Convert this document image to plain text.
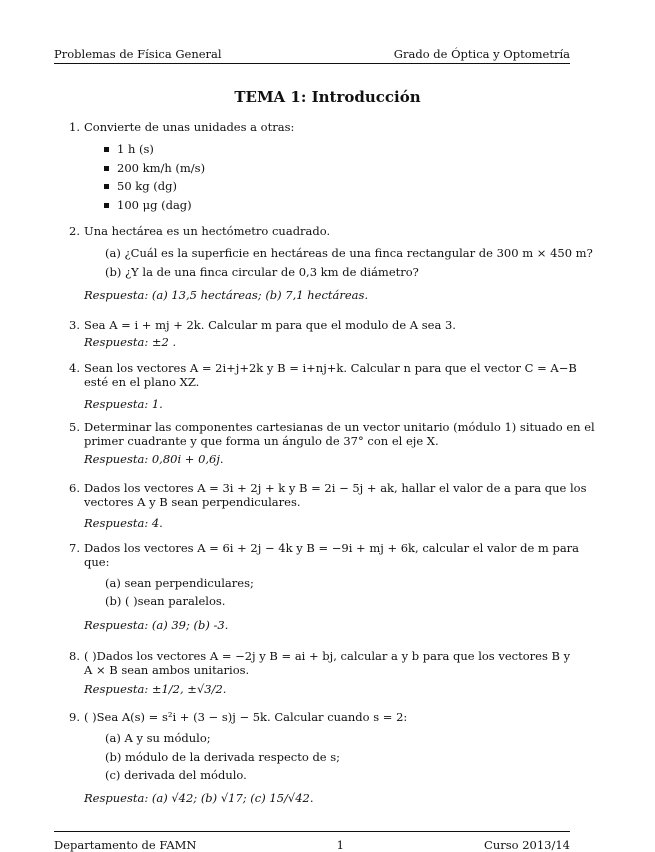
Problemas de Física General	Grado de Óptica y Optometría
TEMA 1: Introducción
1. Convierte de unas unidades a otras:
1 h (s)
200 km/h (m/s)
50 kg (dg)
100 μg (dag)
2. Una hectárea es un hectómetro cuadrado.
(a) ¿Cuál es la superficie en hectáreas de una finca rectangular de 300 m × 450 m?
(b) ¿Y la de una finca circular de 0,3 km de diámetro?
Respuesta: (a) 13,5 hectáreas; (b) 7,1 hectáreas.
3. Sea A = i + mj + 2k. Calcular m para que el modulo de A sea 3.
Respuesta: ±2 .
4. Sean los vectores A = 2i+j+2k y B = i+nj+k. Calcular n para que el vector C = A−B
esté en el plano XZ.
Respuesta: 1.
5. Determinar las componentes cartesianas de un vector unitario (módulo 1) situado en el
primer cuadrante y que forma un ángulo de 37° con el eje X.
Respuesta: 0,80i + 0,6j.
6. Dados los vectores A = 3i + 2j + k y B = 2i − 5j + ak, hallar el valor de a para que los
vectores A y B sean perpendiculares.
Respuesta: 4.
7. Dados los vectores A = 6i + 2j − 4k y B = −9i + mj + 6k, calcular el valor de m para
que:
(a) sean perpendiculares;
(b) ( )sean paralelos.
Respuesta: (a) 39; (b) -3.
8. ( )Dados los vectores A = −2j y B = ai + bj, calcular a y b para que los vectores B y
A × B sean ambos unitarios.
Respuesta: ±1/2, ±√3/2.
9. ( )Sea A(s) = s²i + (3 − s)j − 5k. Calcular cuando s = 2:
(a) A y su módulo;
(b) módulo de la derivada respecto de s;
(c) derivada del módulo.
Respuesta: (a) √42; (b) √17; (c) 15/√42.
Departamento de FAMN	1	Curso 2013/14
